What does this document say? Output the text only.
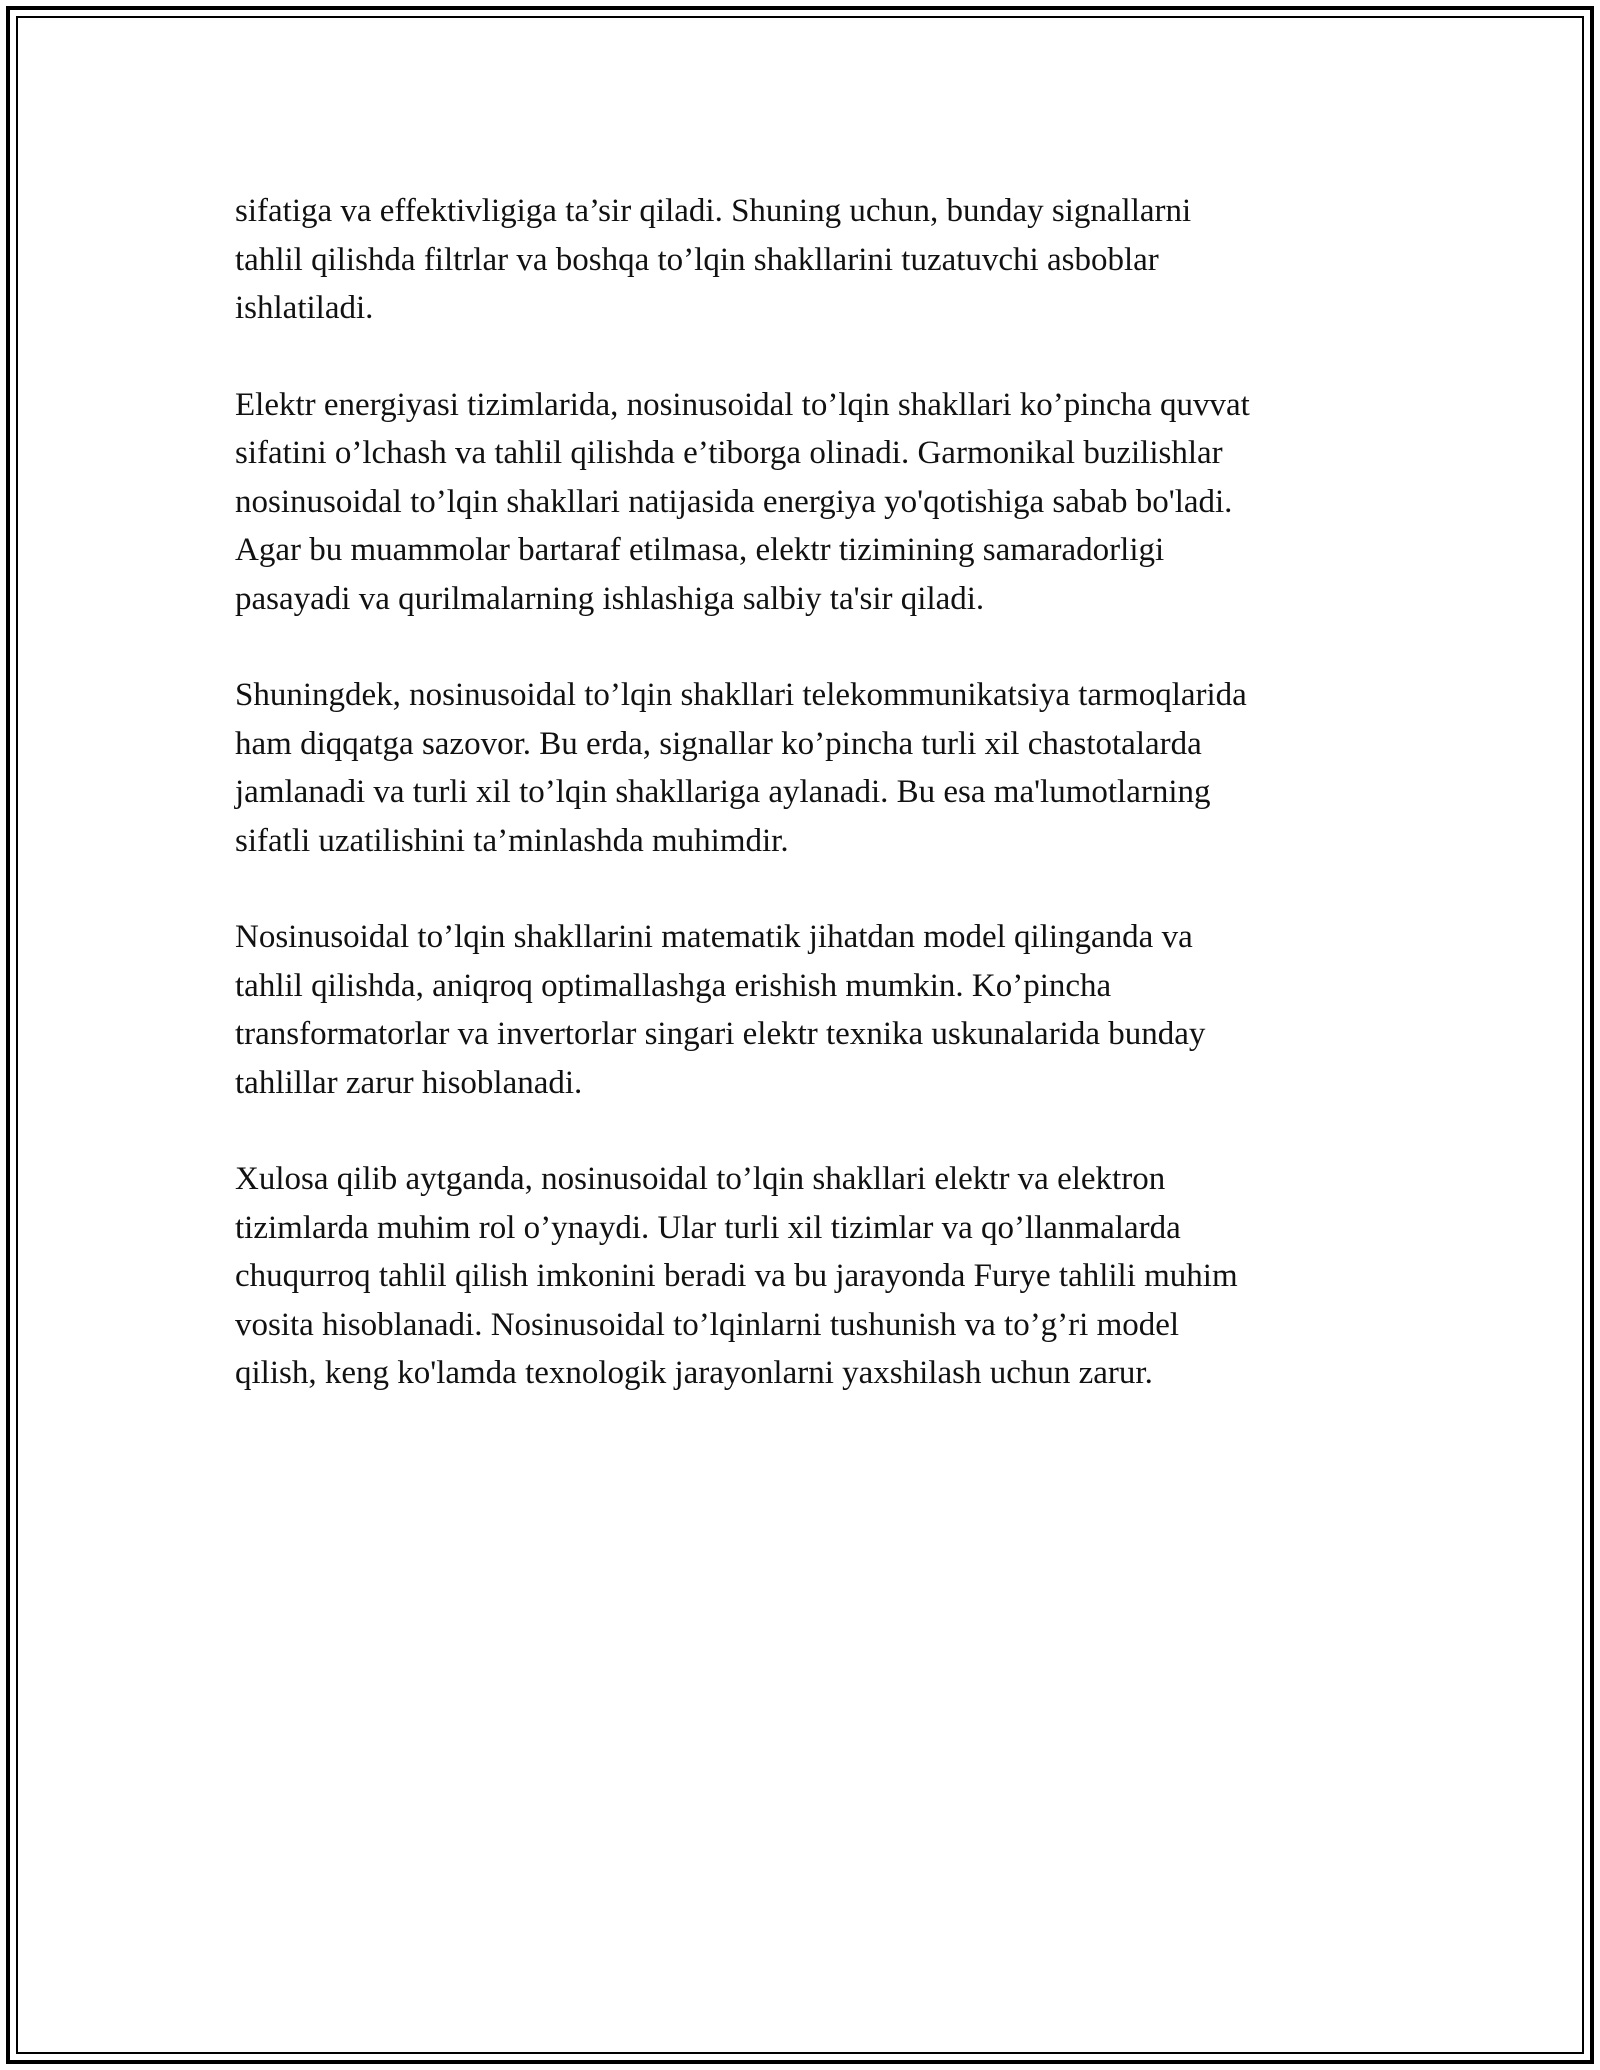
sifatiga va effektivligiga ta’sir qiladi. Shuning uchun, bunday signallarni
tahlil qilishda filtrlar va boshqa to’lqin shakllarini tuzatuvchi asboblar
ishlatiladi.

Elektr energiyasi tizimlarida, nosinusoidal to’lqin shakllari ko’pincha quvvat
sifatini o’lchash va tahlil qilishda e’tiborga olinadi. Garmonikal buzilishlar
nosinusoidal to’lqin shakllari natijasida energiya yo'qotishiga sabab bo'ladi.
Agar bu muammolar bartaraf etilmasa, elektr tizimining samaradorligi
pasayadi va qurilmalarning ishlashiga salbiy ta'sir qiladi.

Shuningdek, nosinusoidal to’lqin shakllari telekommunikatsiya tarmoqlarida
ham diqqatga sazovor. Bu erda, signallar ko’pincha turli xil chastotalarda
jamlanadi va turli xil to’lqin shakllariga aylanadi. Bu esa ma'lumotlarning
sifatli uzatilishini ta’minlashda muhimdir.

Nosinusoidal to’lqin shakllarini matematik jihatdan model qilinganda va
tahlil qilishda, aniqroq optimallashga erishish mumkin. Ko’pincha
transformatorlar va invertorlar singari elektr texnika uskunalarida bunday
tahlillar zarur hisoblanadi.

Xulosa qilib aytganda, nosinusoidal to’lqin shakllari elektr va elektron
tizimlarda muhim rol o’ynaydi. Ular turli xil tizimlar va qo’llanmalarda
chuqurroq tahlil qilish imkonini beradi va bu jarayonda Furye tahlili muhim
vosita hisoblanadi. Nosinusoidal to’lqinlarni tushunish va to’g’ri model
qilish, keng ko'lamda texnologik jarayonlarni yaxshilash uchun zarur.
